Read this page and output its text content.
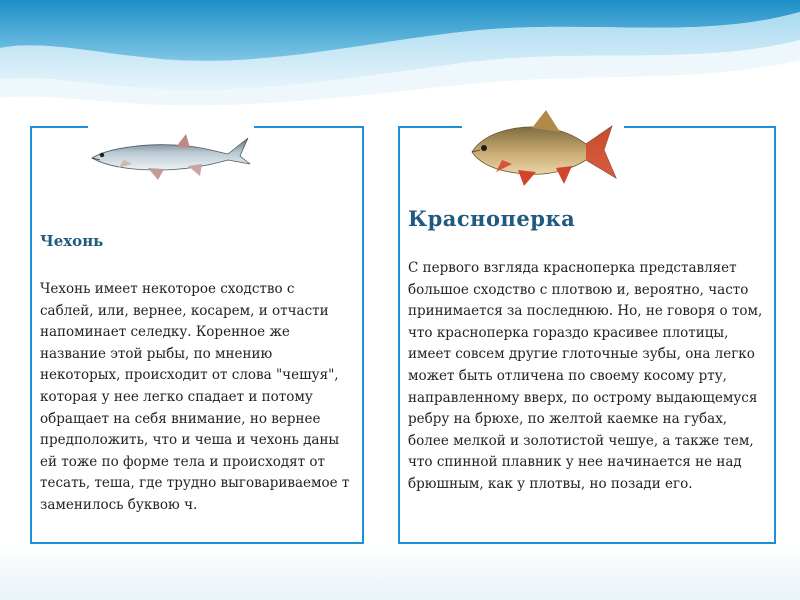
Чехонь

Чехонь имеет некоторое сходство с саблей, или, вернее, косарем, и отчасти напоминает селедку. Коренное же название этой рыбы, по мнению некоторых, происходит от слова "чешуя", которая у нее легко спадает и потому обращает на себя внимание, но вернее предположить, что и чеша и чехонь даны ей тоже по форме тела и происходят от тесать, теша, где трудно выговариваемое т заменилось буквою ч.

Красноперка

С первого взгляда красноперка представляет большое сходство с плотвою и, вероятно, часто принимается за последнюю. Но, не говоря о том, что красноперка гораздо красивее плотицы, имеет совсем другие глоточные зубы, она легко может быть отличена по своему косому рту, направленному вверх, по острому выдающемуся ребру на брюхе, по желтой каемке на губах, более мелкой и золотистой чешуе, а также тем, что спинной плавник у нее начинается не над брюшным, как у плотвы, но позади его.
